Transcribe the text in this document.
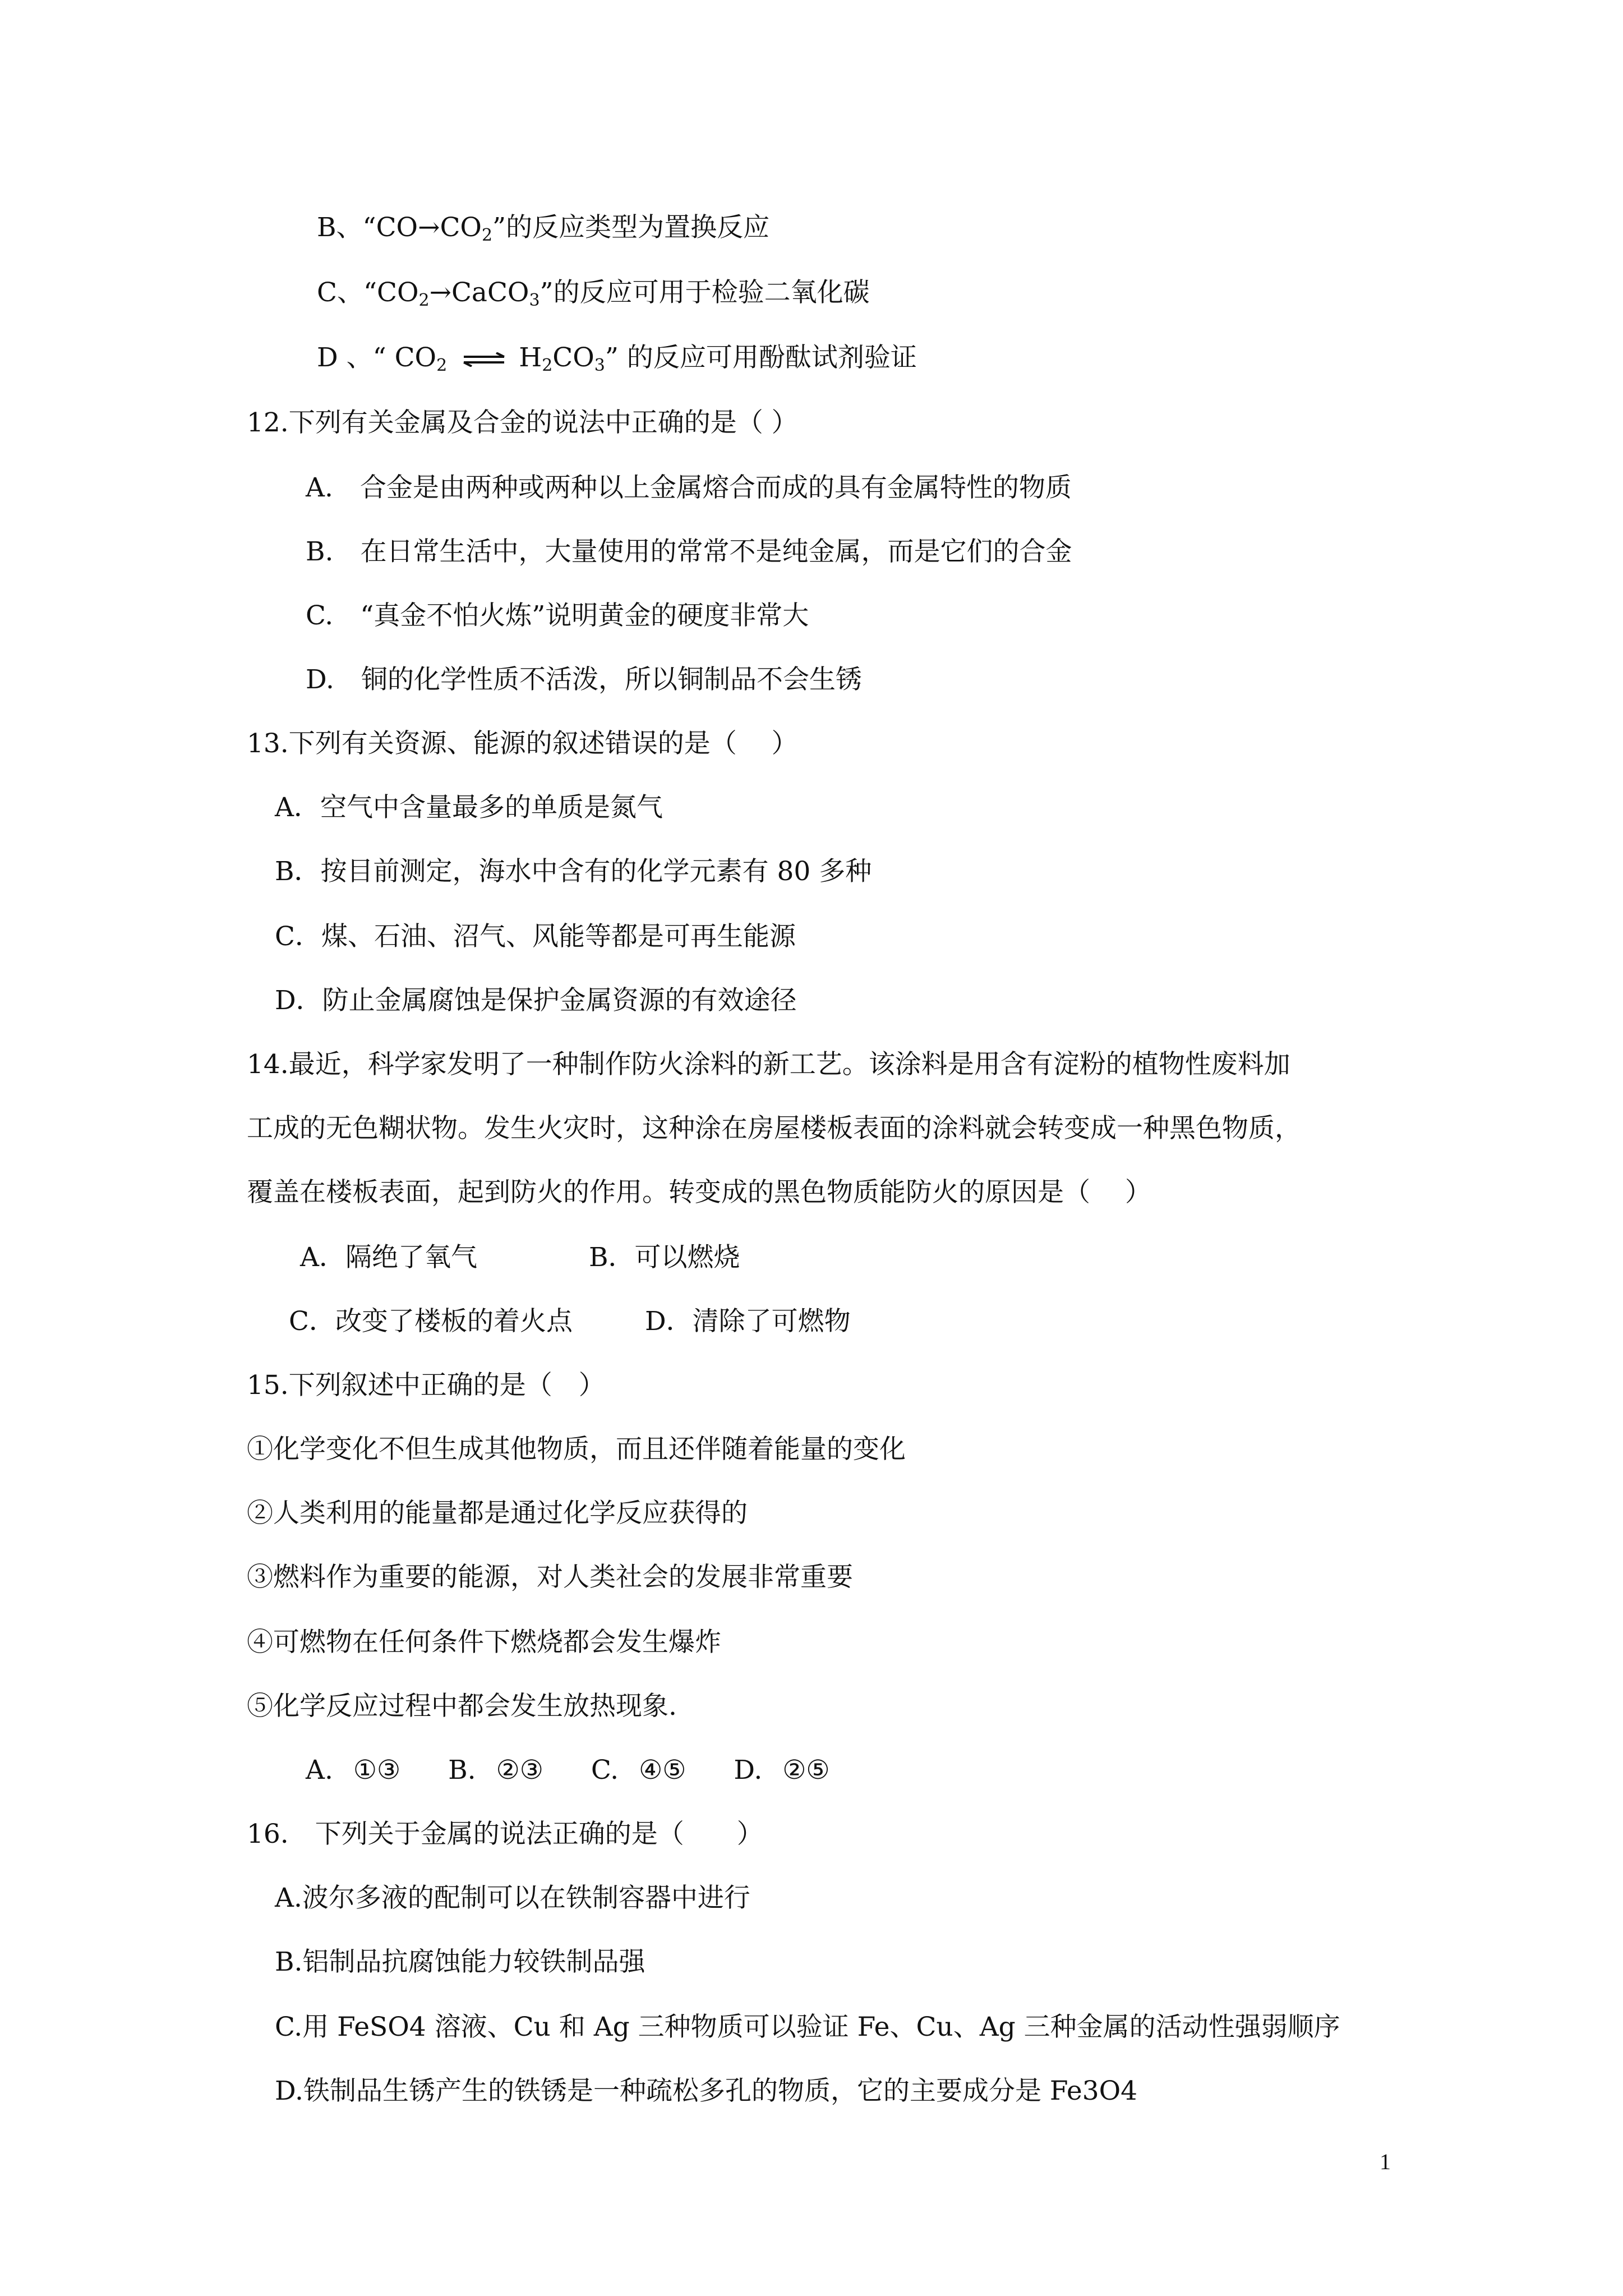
B、“$CO\to CO_2$”的反应类型为置换反应
C、“$CO_2\to CaCO_3$”的反应可用于检验二氧化碳
D 、“ $CO_2$ ⇌ $H_2CO_3$” 的反应可用酚酞试剂验证
12.下列有关金属及合金的说法中正确的是（ ）
A. 合金是由两种或两种以上金属熔合而成的具有金属特性的物质
B. 在日常生活中，大量使用的常常不是纯金属，而是它们的合金
C. “真金不怕火炼”说明黄金的硬度非常大
D. 铜的化学性质不活泼，所以铜制品不会生锈
13.下列有关资源、能源的叙述错误的是（　 ）
A．空气中含量最多的单质是氮气
B．按目前测定，海水中含有的化学元素有 80 多种
C．煤、石油、沼气、风能等都是可再生能源
D．防止金属腐蚀是保护金属资源的有效途径
14.最近，科学家发明了一种制作防火涂料的新工艺。该涂料是用含有淀粉的植物性废料加
工成的无色糊状物。发生火灾时，这种涂在房屋楼板表面的涂料就会转变成一种黑色物质，
覆盖在楼板表面，起到防火的作用。转变成的黑色物质能防火的原因是（　 ）
A．隔绝了氧气	B．可以燃烧
C．改变了楼板的着火点	D．清除了可燃物
15.下列叙述中正确的是（　）
①化学变化不但生成其他物质，而且还伴随着能量的变化
②人类利用的能量都是通过化学反应获得的
③燃料作为重要的能源，对人类社会的发展非常重要
④可燃物在任何条件下燃烧都会发生爆炸
⑤化学反应过程中都会发生放热现象.
A. ①③ B. ②③ C. ④⑤ D. ②⑤
16.　下列关于金属的说法正确的是（　　）
A.波尔多液的配制可以在铁制容器中进行
B.铝制品抗腐蚀能力较铁制品强
C.用 FeSO4 溶液、Cu 和 Ag 三种物质可以验证 Fe、Cu、Ag 三种金属的活动性强弱顺序
D.铁制品生锈产生的铁锈是一种疏松多孔的物质，它的主要成分是 Fe3O4
1
